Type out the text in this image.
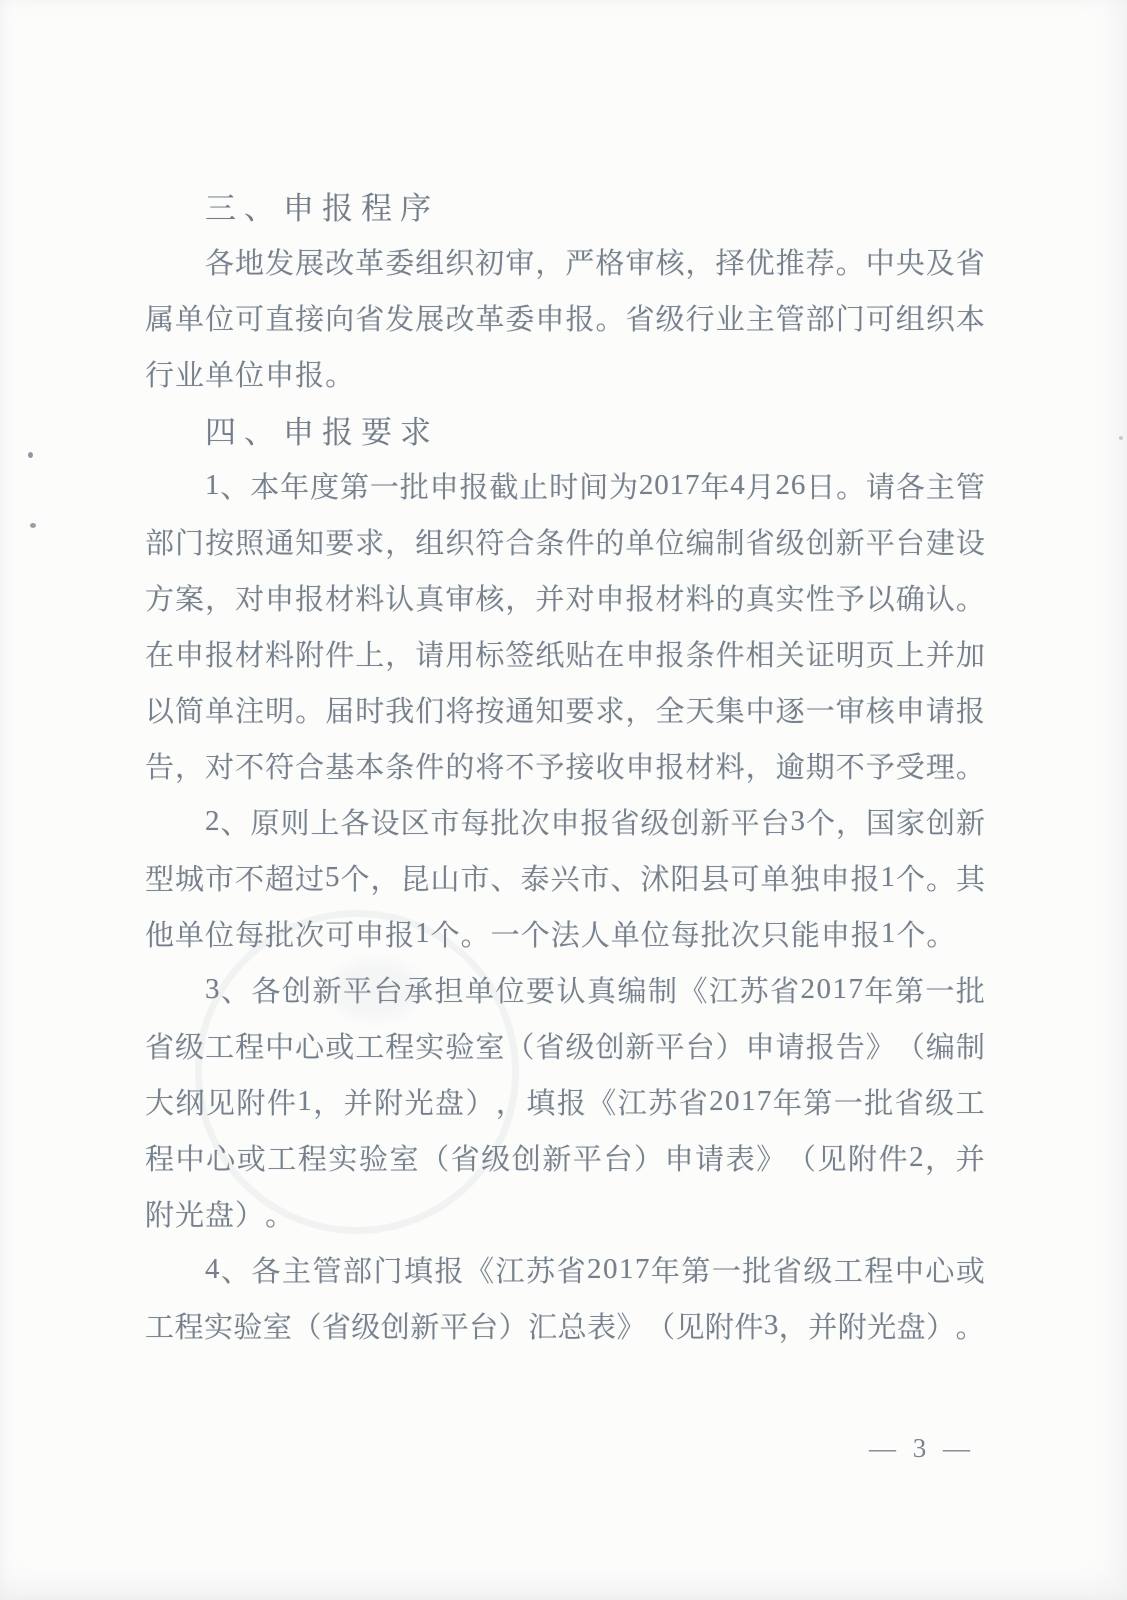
三 、 申 报 程 序
各 地 发 展 改 革 委 组 织 初 审 ， 严 格 审 核 ， 择 优 推 荐 。 中 央 及 省
属 单 位 可 直 接 向 省 发 展 改 革 委 申 报 。 省 级 行 业 主 管 部 门 可 组 织 本
行 业 单 位 申 报 。
四 、 申 报 要 求
1 、 本 年 度 第 一 批 申 报 截 止 时 间 为 2 0 1 7 年 4 月 2 6 日 。 请 各 主 管
部 门 按 照 通 知 要 求 ， 组 织 符 合 条 件 的 单 位 编 制 省 级 创 新 平 台 建 设
方 案 ， 对 申 报 材 料 认 真 审 核 ， 并 对 申 报 材 料 的 真 实 性 予 以 确 认 。
在 申 报 材 料 附 件 上 ， 请 用 标 签 纸 贴 在 申 报 条 件 相 关 证 明 页 上 并 加
以 简 单 注 明 。 届 时 我 们 将 按 通 知 要 求 ， 全 天 集 中 逐 一 审 核 申 请 报
告 ， 对 不 符 合 基 本 条 件 的 将 不 予 接 收 申 报 材 料 ， 逾 期 不 予 受 理 。
2 、 原 则 上 各 设 区 市 每 批 次 申 报 省 级 创 新 平 台 3 个 ， 国 家 创 新
型 城 市 不 超 过 5 个 ， 昆 山 市 、 泰 兴 市 、 沭 阳 县 可 单 独 申 报 1 个 。 其
他 单 位 每 批 次 可 申 报 1 个 。 一 个 法 人 单 位 每 批 次 只 能 申 报 1 个 。
3 、 各 创 新 平 台 承 担 单 位 要 认 真 编 制 《 江 苏 省 2 0 1 7 年 第 一 批
省 级 工 程 中 心 或 工 程 实 验 室 （ 省 级 创 新 平 台 ） 申 请 报 告 》 （ 编 制
大 纲 见 附 件 1 ， 并 附 光 盘 ） ， 填 报 《 江 苏 省 2 0 1 7 年 第 一 批 省 级 工
程 中 心 或 工 程 实 验 室 （ 省 级 创 新 平 台 ） 申 请 表 》 （ 见 附 件 2 ， 并
附 光 盘 ） 。
4 、 各 主 管 部 门 填 报 《 江 苏 省 2 0 1 7 年 第 一 批 省 级 工 程 中 心 或
工 程 实 验 室 （ 省 级 创 新 平 台 ） 汇 总 表 》 （ 见 附 件 3 ， 并 附 光 盘 ） 。
— 3 —
